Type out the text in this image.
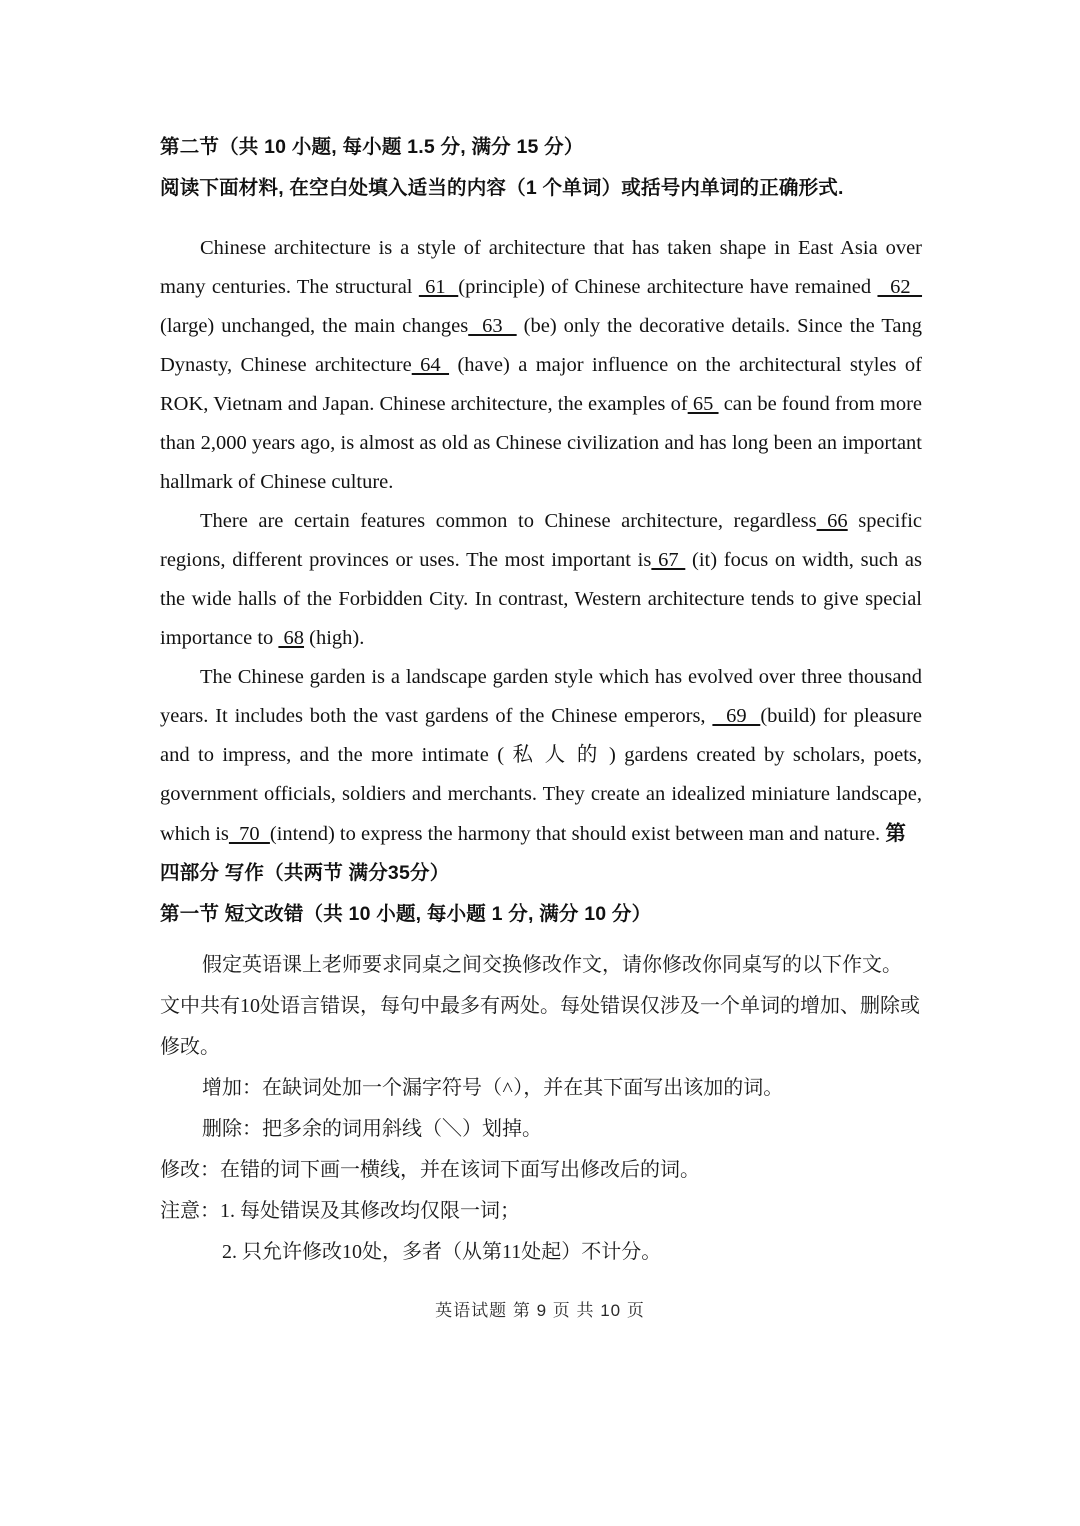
第二节（共 10 小题, 每小题 1.5 分, 满分 15 分）
阅读下面材料, 在空白处填入适当的内容（1 个单词）或括号内单词的正确形式.

Chinese architecture is a style of architecture that has taken shape in East Asia over many centuries. The structural  61  (principle) of Chinese architecture have remained   62   (large) unchanged, the main changes  63   (be) only the decorative details. Since the Tang Dynasty, Chinese architecture 64  (have) a major influence on the architectural styles of ROK, Vietnam and Japan. Chinese architecture, the examples of 65  can be found from more than 2,000 years ago, is almost as old as Chinese civilization and has long been an important hallmark of Chinese culture.

There are certain features common to Chinese architecture, regardless 66 specific regions, different provinces or uses. The most important is 67  (it) focus on width, such as the wide halls of the Forbidden City. In contrast, Western architecture tends to give special importance to  68 (high).

The Chinese garden is a landscape garden style which has evolved over three thousand years. It includes both the vast gardens of the Chinese emperors,   69  (build) for pleasure and to impress, and the more intimate ( 私 人 的 ) gardens created by scholars, poets, government officials, soldiers and merchants. They create an idealized miniature landscape, which is  70  (intend) to express the harmony that should exist between man and nature. 第

四部分 写作（共两节 满分35分）
第一节 短文改错（共 10 小题, 每小题 1 分, 满分 10 分）

假定英语课上老师要求同桌之间交换修改作文，请你修改你同桌写的以下作文。
文中共有10处语言错误，每句中最多有两处。每处错误仅涉及一个单词的增加、删除或
修改。

增加：在缺词处加一个漏字符号（˄），并在其下面写出该加的词。

删除：把多余的词用斜线（＼）划掉。

修改：在错的词下画一横线，并在该词下面写出修改后的词。

注意：1. 每处错误及其修改均仅限一词；
2. 只允许修改10处，多者（从第11处起）不计分。

英语试题 第 9 页 共 10 页
